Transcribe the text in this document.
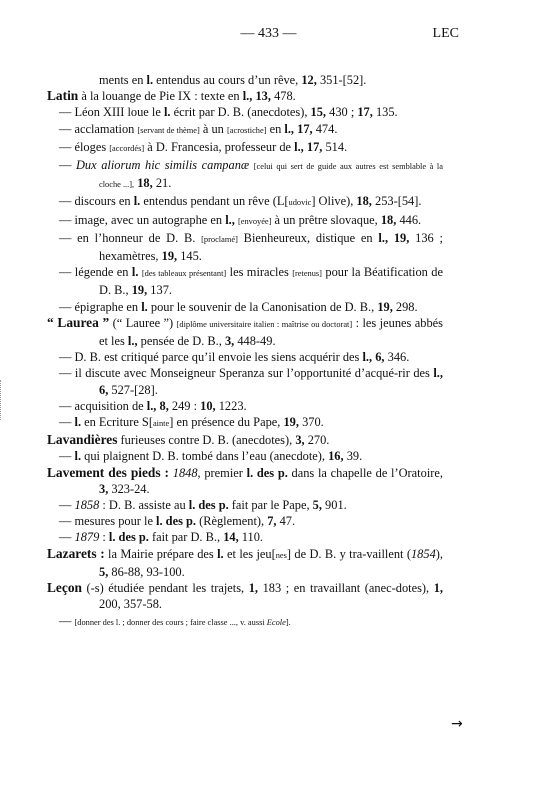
— 433 —	LEC
ments en l. entendus au cours d’un rêve, 12, 351-[52].
Latin à la louange de Pie IX : texte en l., 13, 478.
— Léon XIII loue le l. écrit par D. B. (anecdotes), 15, 430 ; 17, 135.
— acclamation [servant de thème] à un [acrostiche] en l., 17, 474.
— éloges [accordés] à D. Francesia, professeur de l., 17, 514.
— Dux aliorum hic similis campanæ [celui qui sert de guide aux autres est semblable à la cloche ...], 18, 21.
— discours en l. entendus pendant un rêve (L[udovic] Olive), 18, 253-[54].
— image, avec un autographe en l., [envoyée] à un prêtre slovaque, 18, 446.
— en l’honneur de D. B. [proclamé] Bienheureux, distique en l., 19, 136 ; hexamètres, 19, 145.
— légende en l. [des tableaux présentant] les miracles [retenus] pour la Béatification de D. B., 19, 137.
— épigraphe en l. pour le souvenir de la Canonisation de D. B., 19, 298.
“ Laurea ” (“ Lauree ”) [diplôme universitaire italien : maîtrise ou doctorat] : les jeunes abbés et les l., pensée de D. B., 3, 448-49.
— D. B. est critiqué parce qu’il envoie les siens acquérir des l., 6, 346.
— il discute avec Monseigneur Speranza sur l’opportunité d’acqué-rir des l., 6, 527-[28].
— acquisition de l., 8, 249 : 10, 1223.
— l. en Ecriture S[ainte] en présence du Pape, 19, 370.
Lavandières furieuses contre D. B. (anecdotes), 3, 270.
— l. qui plaignent D. B. tombé dans l’eau (anecdote), 16, 39.
Lavement des pieds : 1848, premier l. des p. dans la chapelle de l’Oratoire, 3, 323-24.
— 1858 : D. B. assiste au l. des p. fait par le Pape, 5, 901.
— mesures pour le l. des p. (Règlement), 7, 47.
— 1879 : l. des p. fait par D. B., 14, 110.
Lazarets : la Mairie prépare des l. et les jeu[nes] de D. B. y tra-vaillent (1854), 5, 86-88, 93-100.
Leçon (-s) étudiée pendant les trajets, 1, 183 ; en travaillant (anec-dotes), 1, 200, 357-58.
— [donner des l. ; donner des cours ; faire classe ..., v. aussi Ecole].
→
